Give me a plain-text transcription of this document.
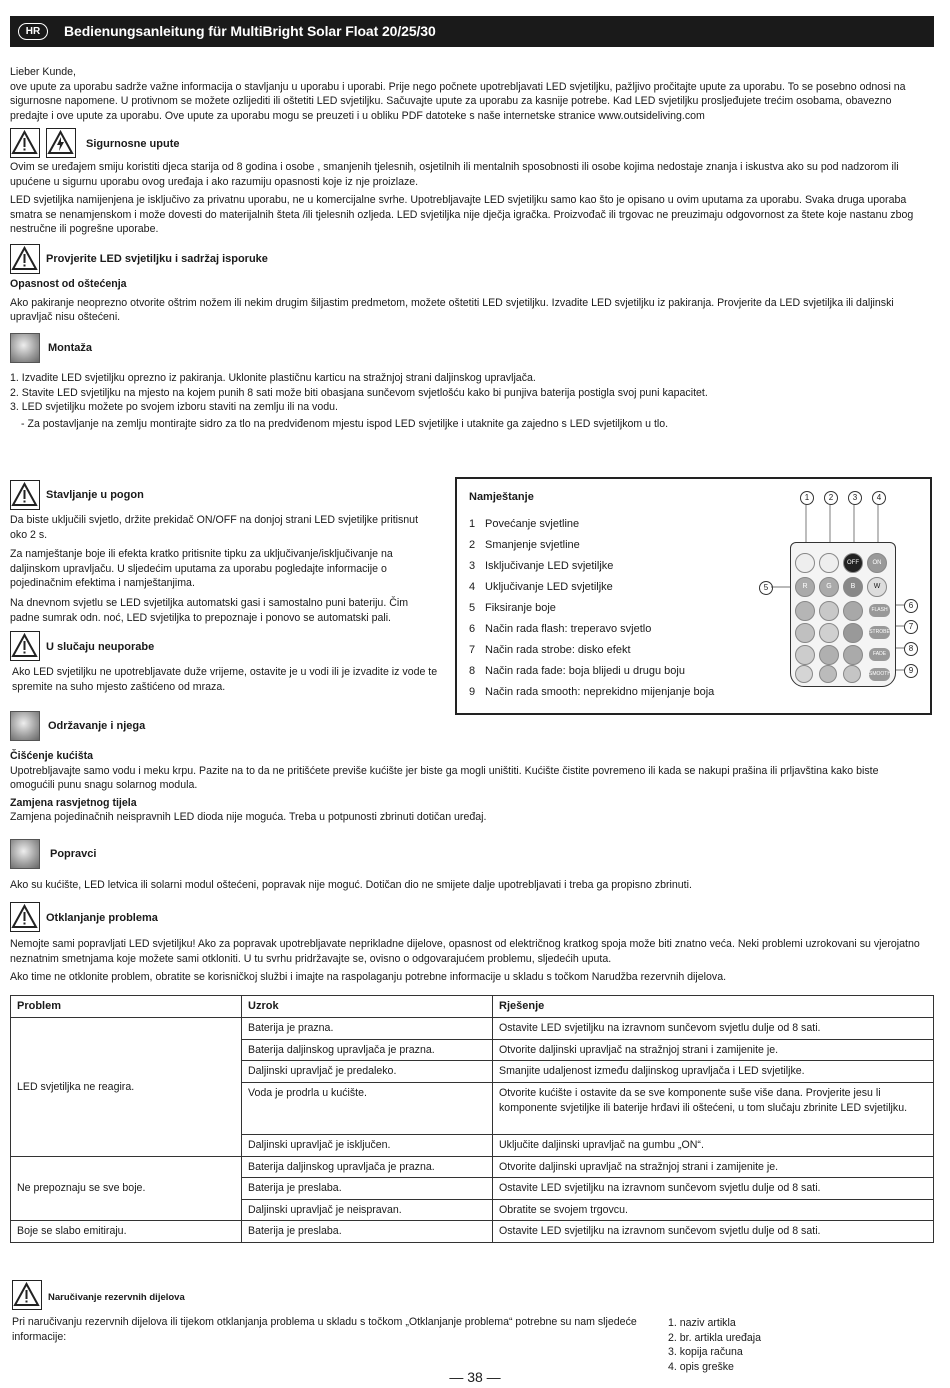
HR	Bedienungsanleitung für MultiBright Solar Float 20/25/30

Lieber Kunde,

ove upute za uporabu sadrže važne informacija o stavljanju u uporabu i uporabi. Prije nego počnete upotrebljavati LED svjetiljku, pažljivo pročitajte upute za uporabu. To se posebno odnosi na sigurnosne napomene. U protivnom se možete ozlijediti ili oštetiti LED svjetiljku. Sačuvajte upute za uporabu za kasnije potrebe. Kad LED svjetiljku prosljeđujete trećim osobama, obavezno predajte i ove upute za uporabu. Ove upute za uporabu mogu se preuzeti i u obliku PDF datoteke s naše internetske stranice www.outsideliving.com

Sigurnosne upute

Ovim se uređajem smiju koristiti djeca starija od 8 godina i osobe , smanjenih tjelesnih, osjetilnih ili mentalnih sposobnosti ili osobe kojima nedostaje znanja i iskustva ako su pod nadzorom ili upućene u sigurnu uporabu ovog uređaja i ako razumiju opasnosti koje iz nje proizlaze.

LED svjetiljka namijenjena je isključivo za privatnu uporabu, ne u komercijalne svrhe. Upotrebljavajte LED svjetiljku samo kao što je opisano u ovim uputama za uporabu. Svaka druga uporaba smatra se nenamjenskom i može dovesti do materijalnih šteta /ili tjelesnih ozljeda. LED svjetiljka nije dječja igračka. Proizvođač ili trgovac ne preuzimaju odgovornost za štete koje nastanu zbog nestručne ili pogrešne uporabe.

Provjerite LED svjetiljku i sadržaj isporuke

Opasnost od oštećenja

Ako pakiranje neoprezno otvorite oštrim nožem ili nekim drugim šiljastim predmetom, možete oštetiti LED svjetiljku. Izvadite LED svjetiljku iz pakiranja. Provjerite da LED svjetiljka ili daljinski upravljač nisu oštećeni.

Montaža

1. Izvadite LED svjetiljku oprezno iz pakiranja. Uklonite plastičnu karticu na stražnjoj strani daljinskog upravljača.

2. Stavite LED svjetiljku na mjesto na kojem punih 8 sati može biti obasjana sunčevom svjetlošću kako bi punjiva baterija postigla svoj puni kapacitet.

3. LED svjetiljku možete po svojem izboru staviti na zemlju ili na vodu.

- Za postavljanje na zemlju montirajte sidro za tlo na predviđenom mjestu ispod LED svjetiljke i utaknite ga zajedno s LED svjetiljkom u tlo.

Stavljanje u pogon

Da biste uključili svjetlo, držite prekidač ON/OFF na donjoj strani LED svjetiljke pritisnut oko 2 s.

Za namještanje boje ili efekta kratko pritisnite tipku za uključivanje/isključivanje na daljinskom upravljaču. U sljedećim uputama za uporabu pogledajte informacije o pojedinačnim efektima i namještanjima.

Na dnevnom svjetlu se LED svjetiljka automatski gasi i samostalno puni bateriju. Čim padne sumrak odn. noć, LED svjetiljka to prepoznaje i ponovo se automatski pali.

Namještanje
1 Povećanje svjetline
2 Smanjenje svjetline
3 Isključivanje LED svjetiljke
4 Uključivanje LED svjetiljke
5 Fiksiranje boje
6 Način rada flash: treperavo svjetlo
7 Način rada strobe: disko efekt
8 Način rada fade: boja blijedi u drugu boju
9 Način rada smooth: neprekidno mijenjanje boja
1	2	3	4
5
6
7
8
9
OFF	ON
R	G	B	W
FLASH
STROBE
FADE
SMOOTH
U slučaju neuporabe
Ako LED svjetiljku ne upotrebljavate duže vrijeme, ostavite je u vodi ili je izvadite iz vode te spremite na suho mjesto zaštićeno od mraza.
Održavanje i njega

Čišćenje kućišta

Upotrebljavajte samo vodu i meku krpu. Pazite na to da ne pritišćete previše kućište jer biste ga mogli uništiti. Kućište čistite povremeno ili kada se nakupi prašina ili prljavština kako biste omogućili punu snagu solarnog modula.

Zamjena rasvjetnog tijela

Zamjena pojedinačnih neispravnih LED dioda nije moguća. Treba u potpunosti zbrinuti dotičan uređaj.

Popravci
Ako su kućište, LED letvica ili solarni modul oštećeni, popravak nije moguć. Dotičan dio ne smijete dalje upotrebljavati i treba ga propisno zbrinuti.
Otklanjanje problema

Nemojte sami popravljati LED svjetiljku! Ako za popravak upotrebljavate neprikladne dijelove, opasnost od električnog kratkog spoja može biti znatno veća. Neki problemi uzrokovani su vjerojatno neznatnim smetnjama koje možete sami otkloniti. U tu svrhu pridržavajte se, ovisno o odgovarajućem problemu, sljedećih uputa.

Ako time ne otklonite problem, obratite se korisničkoj službi i imajte na raspolaganju potrebne informacije u skladu s točkom Narudžba rezervnih dijelova.

Problem	Uzrok	Rješenje
LED svjetiljka ne reagira.	Baterija je prazna.	Ostavite LED svjetiljku na izravnom sunčevom svjetlu dulje od 8 sati.
	Baterija daljinskog upravljača je prazna.	Otvorite daljinski upravljač na stražnjoj strani i zamijenite je.
	Daljinski upravljač je predaleko.	Smanjite udaljenost između daljinskog upravljača i LED svjetiljke.
	Voda je prodrla u kućište.	Otvorite kućište i ostavite da se sve komponente suše više dana. Provjerite jesu li komponente svjetiljke ili baterije hrđavi ili oštećeni, u tom slučaju zbrinite LED svjetiljku.
	Daljinski upravljač je isključen.	Uključite daljinski upravljač na gumbu „ON“.
Ne prepoznaju se sve boje.	Baterija daljinskog upravljača je prazna.	Otvorite daljinski upravljač na stražnjoj strani i zamijenite je.
	Baterija je preslaba.	Ostavite LED svjetiljku na izravnom sunčevom svjetlu dulje od 8 sati.
	Daljinski upravljač je neispravan.	Obratite se svojem trgovcu.
Boje se slabo emitiraju.	Baterija je preslaba.	Ostavite LED svjetiljku na izravnom sunčevom svjetlu dulje od 8 sati.
Naručivanje rezervnih dijelova
Pri naručivanju rezervnih dijelova ili tijekom otklanjanja problema u skladu s točkom „Otklanjanje problema“ potrebne su nam sljedeće informacije:

1. naziv artikla

2. br. artikla uređaja

3. kopija računa

4. opis greške

— 38 —
